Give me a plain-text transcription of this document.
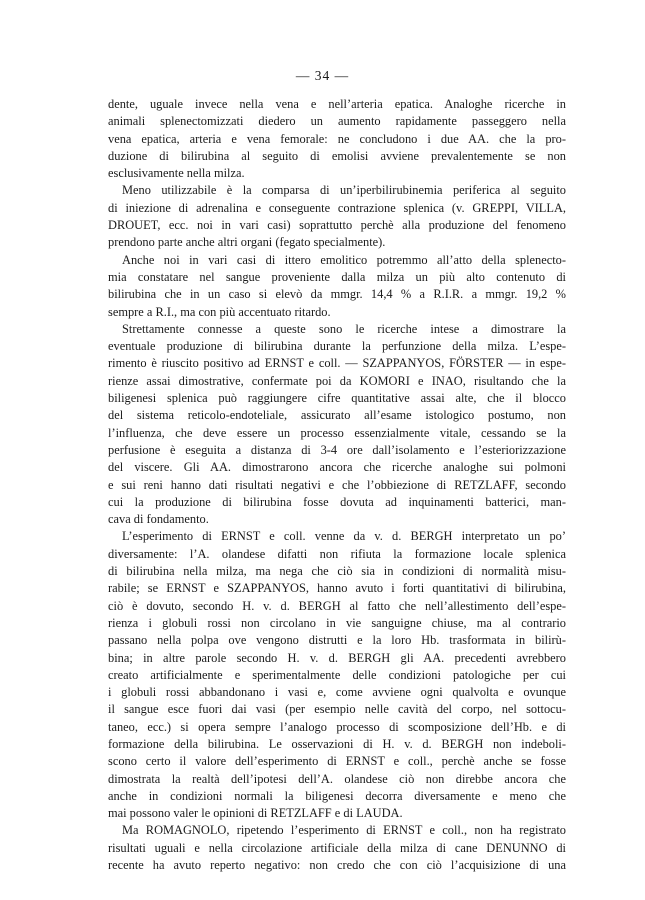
— 34 —

dente, uguale invece nella vena e nell’arteria epatica. Analoghe ricerche in
animali splenectomizzati diedero un aumento rapidamente passeggero nella
vena epatica, arteria e vena femorale: ne concludono i due AA. che la pro-
duzione di bilirubina al seguito di emolisi avviene prevalentemente se non
esclusivamente nella milza.

Meno utilizzabile è la comparsa di un’iperbilirubinemia periferica al seguito
di iniezione di adrenalina e conseguente contrazione splenica (v. GREPPI, VILLA,
DROUET, ecc. noi in vari casi) soprattutto perchè alla produzione del fenomeno
prendono parte anche altri organi (fegato specialmente).

Anche noi in vari casi di ittero emolitico potremmo all’atto della splenecto-
mia constatare nel sangue proveniente dalla milza un più alto contenuto di
bilirubina che in un caso si elevò da mmgr. 14,4 % a R.I.R. a mmgr. 19,2 %
sempre a R.I., ma con più accentuato ritardo.

Strettamente connesse a queste sono le ricerche intese a dimostrare la
eventuale produzione di bilirubina durante la perfunzione della milza. L’espe-
rimento è riuscito positivo ad ERNST e coll. — SZAPPANYOS, FÖRSTER — in espe-
rienze assai dimostrative, confermate poi da KOMORI e INAO, risultando che la
biligenesi splenica può raggiungere cifre quantitative assai alte, che il blocco
del sistema reticolo-endoteliale, assicurato all’esame istologico postumo, non
l’influenza, che deve essere un processo essenzialmente vitale, cessando se la
perfusione è eseguita a distanza di 3-4 ore dall’isolamento e l’esteriorizzazione
del viscere. Gli AA. dimostrarono ancora che ricerche analoghe sui polmoni
e sui reni hanno dati risultati negativi e che l’obbiezione di RETZLAFF, secondo
cui la produzione di bilirubina fosse dovuta ad inquinamenti batterici, man-
cava di fondamento.

L’esperimento di ERNST e coll. venne da v. d. BERGH interpretato un po’
diversamente: l’A. olandese difatti non rifiuta la formazione locale splenica
di bilirubina nella milza, ma nega che ciò sia in condizioni di normalità misu-
rabile; se ERNST e SZAPPANYOS, hanno avuto i forti quantitativi di bilirubina,
ciò è dovuto, secondo H. v. d. BERGH al fatto che nell’allestimento dell’espe-
rienza i globuli rossi non circolano in vie sanguigne chiuse, ma al contrario
passano nella polpa ove vengono distrutti e la loro Hb. trasformata in bilirù-
bina; in altre parole secondo H. v. d. BERGH gli AA. precedenti avrebbero
creato artificialmente e sperimentalmente delle condizioni patologiche per cui
i globuli rossi abbandonano i vasi e, come avviene ogni qualvolta e ovunque
il sangue esce fuori dai vasi (per esempio nelle cavità del corpo, nel sottocu-
taneo, ecc.) si opera sempre l’analogo processo di scomposizione dell’Hb. e di
formazione della bilirubina. Le osservazioni di H. v. d. BERGH non indeboli-
scono certo il valore dell’esperimento di ERNST e coll., perchè anche se fosse
dimostrata la realtà dell’ipotesi dell’A. olandese ciò non direbbe ancora che
anche in condizioni normali la biligenesi decorra diversamente e meno che
mai possono valer le opinioni di RETZLAFF e di LAUDA.

Ma ROMAGNOLO, ripetendo l’esperimento di ERNST e coll., non ha registrato
risultati uguali e nella circolazione artificiale della milza di cane DENUNNO di
recente ha avuto reperto negativo: non credo che con ciò l’acquisizione di una
